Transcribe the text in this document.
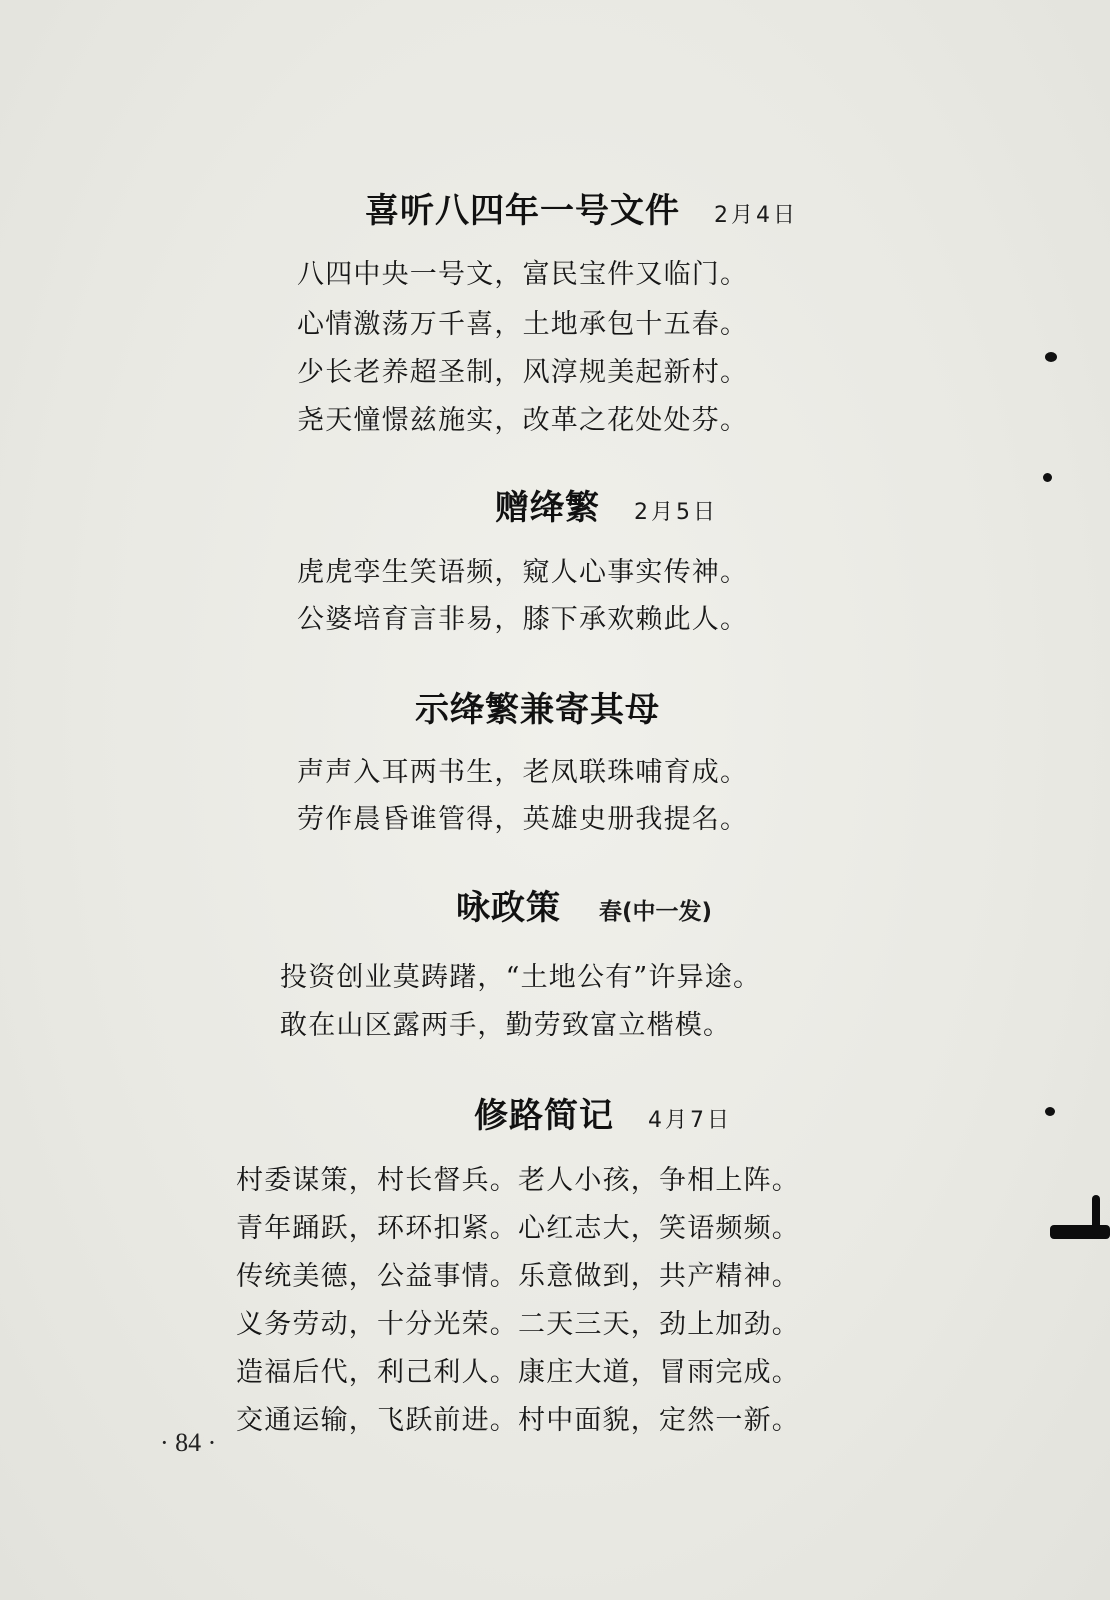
喜听八四年一号文件 2月4日
八四中央一号文，富民宝件又临门。
心情激荡万千喜，土地承包十五春。
少长老养超圣制，风淳规美起新村。
尧天憧憬兹施实，改革之花处处芬。
赠绛繁 2月5日
虎虎孪生笑语频，窥人心事实传神。
公婆培育言非易，膝下承欢赖此人。
示绛繁兼寄其母
声声入耳两书生，老凤联珠哺育成。
劳作晨昏谁管得，英雄史册我提名。
咏政策 春(中一发)
投资创业莫踌躇，“土地公有”许异途。
敢在山区露两手，勤劳致富立楷模。
修路简记 4月7日
村委谋策，村长督兵。老人小孩，争相上阵。
青年踊跃，环环扣紧。心红志大，笑语频频。
传统美德，公益事情。乐意做到，共产精神。
义务劳动，十分光荣。二天三天，劲上加劲。
造福后代，利己利人。康庄大道，冒雨完成。
交通运输，飞跃前进。村中面貌，定然一新。
· 84 ·
